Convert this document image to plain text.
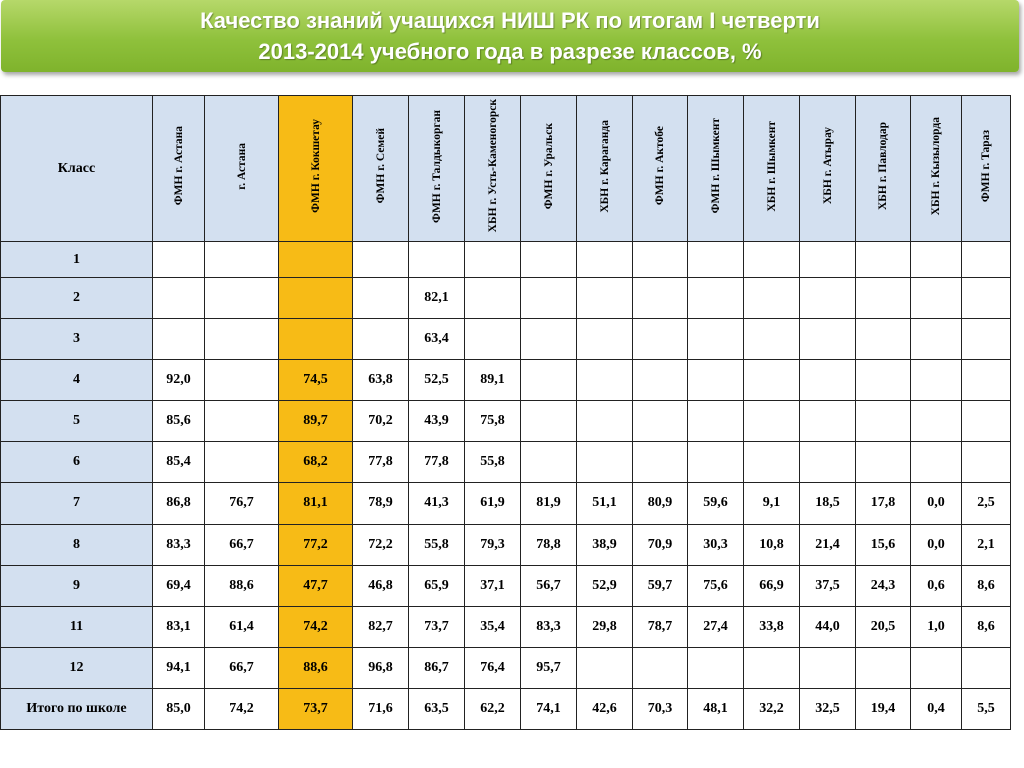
Качество знаний учащихся НИШ РК по итогам I четверти
2013-2014 учебного года в разрезе классов, %
Класс	ФМН г. Астана	г. Астана	ФМН г. Кокшетау	ФМН г. Семей	ФМН г. Талдыкорган	ХБН г. Усть-Каменогорск	ФМН г. Уральск	ХБН г. Караганда	ФМН г. Актобе	ФМН г. Шымкент	ХБН г. Шымкент	ХБН г. Атырау	ХБН г. Павлодар	ХБН г. Кызылорда	ФМН г. Тараз
1															
2					82,1										
3					63,4										
4	92,0		74,5	63,8	52,5	89,1									
5	85,6		89,7	70,2	43,9	75,8									
6	85,4		68,2	77,8	77,8	55,8									
7	86,8	76,7	81,1	78,9	41,3	61,9	81,9	51,1	80,9	59,6	9,1	18,5	17,8	0,0	2,5
8	83,3	66,7	77,2	72,2	55,8	79,3	78,8	38,9	70,9	30,3	10,8	21,4	15,6	0,0	2,1
9	69,4	88,6	47,7	46,8	65,9	37,1	56,7	52,9	59,7	75,6	66,9	37,5	24,3	0,6	8,6
11	83,1	61,4	74,2	82,7	73,7	35,4	83,3	29,8	78,7	27,4	33,8	44,0	20,5	1,0	8,6
12	94,1	66,7	88,6	96,8	86,7	76,4	95,7								
Итого по школе	85,0	74,2	73,7	71,6	63,5	62,2	74,1	42,6	70,3	48,1	32,2	32,5	19,4	0,4	5,5
